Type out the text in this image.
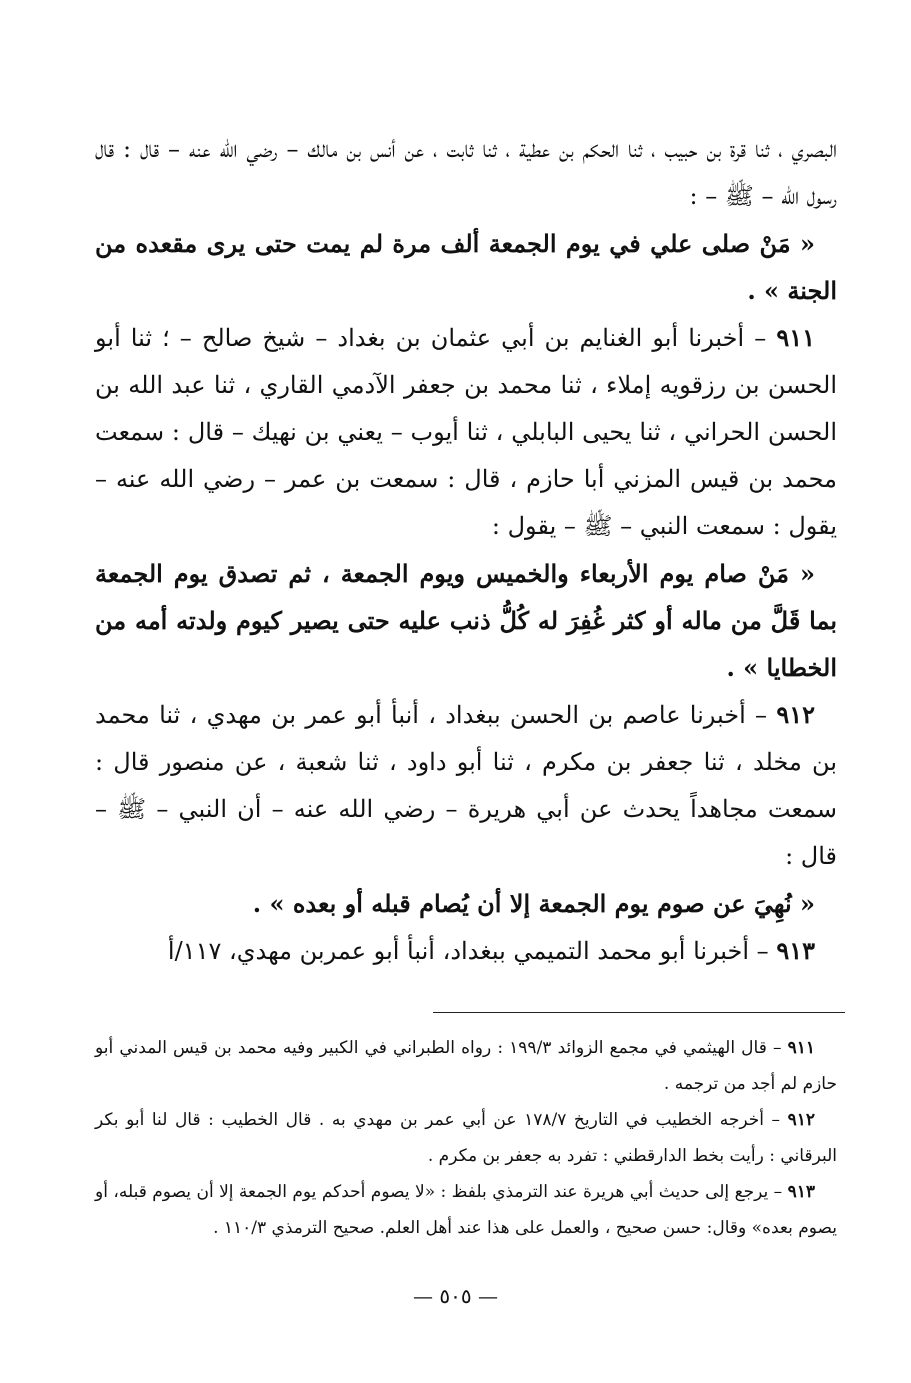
البصري ، ثنا قرة بن حبيب ، ثنا الحكم بن عطية ، ثنا ثابت ، عن أنس بن مالك – رضي الله عنه – قال : قال رسول الله – ﷺ – :

« مَنْ صلى علي في يوم الجمعة ألف مرة لم يمت حتى يرى مقعده من الجنة » .

٩١١ – أخبرنا أبو الغنايم بن أبي عثمان بن بغداد – شيخ صالح – ؛ ثنا أبو الحسن بن رزقويه إملاء ، ثنا محمد بن جعفر الآدمي القاري ، ثنا عبد الله بن الحسن الحراني ، ثنا يحيى البابلي ، ثنا أيوب – يعني بن نهيك – قال : سمعت محمد بن قيس المزني أبا حازم ، قال : سمعت بن عمر – رضي الله عنه – يقول : سمعت النبي – ﷺ – يقول :

« مَنْ صام يوم الأربعاء والخميس ويوم الجمعة ، ثم تصدق يوم الجمعة بما قَلَّ من ماله أو كثر غُفِرَ له كُلُّ ذنب عليه حتى يصير كيوم ولدته أمه من الخطايا » .

٩١٢ – أخبرنا عاصم بن الحسن ببغداد ، أنبأ أبو عمر بن مهدي ، ثنا محمد بن مخلد ، ثنا جعفر بن مكرم ، ثنا أبو داود ، ثنا شعبة ، عن منصور قال : سمعت مجاهداً يحدث عن أبي هريرة – رضي الله عنه – أن النبي – ﷺ – قال :

« نُهِيَ عن صوم يوم الجمعة إلا أن يُصام قبله أو بعده » .

٩١٣ – أخبرنا أبو محمد التميمي ببغداد، أنبأ أبو عمربن مهدي، ١١٧/أ

٩١١ – قال الهيثمي في مجمع الزوائد ١٩٩/٣ : رواه الطبراني في الكبير وفيه محمد بن قيس المدني أبو حازم لم أجد من ترجمه .

٩١٢ – أخرجه الخطيب في التاريخ ١٧٨/٧ عن أبي عمر بن مهدي به . قال الخطيب : قال لنا أبو بكر البرقاني : رأيت بخط الدارقطني : تفرد به جعفر بن مكرم .

٩١٣ – يرجع إلى حديث أبي هريرة عند الترمذي بلفظ : «لا يصوم أحدكم يوم الجمعة إلا أن يصوم قبله، أو يصوم بعده» وقال: حسن صحيح ، والعمل على هذا عند أهل العلم. صحيح الترمذي ١١٠/٣ .

— ٥٠٥ —
